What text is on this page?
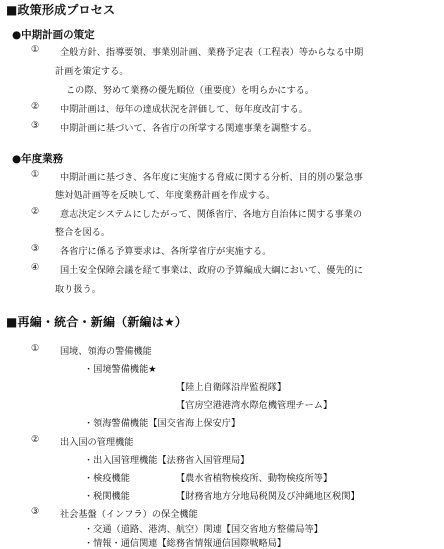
■政策形成プロセス
●中期計画の策定
① 全般方針、指導要領、事業別計画、業務予定表（工程表）等からなる中期
計画を策定する。
この際、努めて業務の優先順位（重要度）を明らかにする。
② 中期計画は、毎年の達成状況を評価して、毎年度改訂する。
③ 中期計画に基づいて、各省庁の所掌する関連事業を調整する。
●年度業務
① 中期計画に基づき、各年度に実施する脅威に関する分析、目的別の緊急事
態対処計画等を反映して、年度業務計画を作成する。
② 意志決定システムにしたがって、関係省庁、各地方自治体に関する事業の
整合を図る。
③ 各省庁に係る予算要求は、各所掌省庁が実施する。
④ 国土安全保障会議を経て事業は、政府の予算編成大綱において、優先的に
取り扱う。
■再編・統合・新編（新編は★）
① 国境、領海の警備機能
・国境警備機能★
【陸上自衛隊沿岸監視隊】
【官房空港港湾水際危機管理チーム】
・領海警備機能【国交省海上保安庁】
② 出入国の管理機能
・出入国管理機能【法務省入国管理局】
・検疫機能	【農水省植物検疫所、動物検疫所等】
・税関機能	【財務省地方分地局税関及び沖縄地区税関】
③ 社会基盤（インフラ）の保全機能
・交通（道路、港湾、航空）関連【国交省地方整備局等】
・情報・通信関連【総務省情報通信国際戦略局】
